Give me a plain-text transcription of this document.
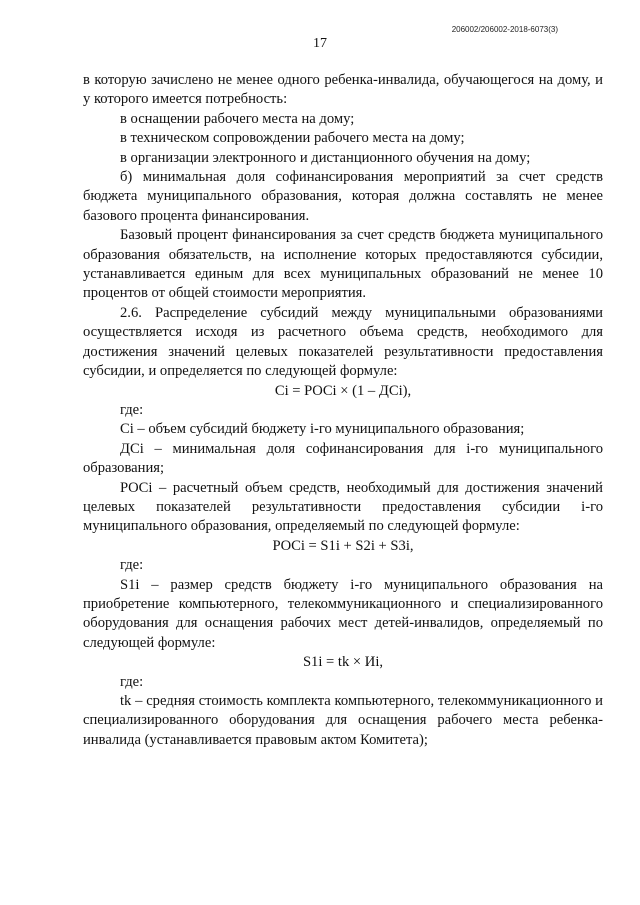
206002/206002-2018-6073(3)
17

в которую зачислено не менее одного ребенка-инвалида, обучающегося на дому, и у которого имеется потребность:

в оснащении рабочего места на дому;

в техническом сопровождении рабочего места на дому;

в организации электронного и дистанционного обучения на дому;

б) минимальная доля софинансирования мероприятий за счет средств бюджета муниципального образования, которая должна составлять не менее базового процента финансирования.

Базовый процент финансирования за счет средств бюджета муниципального образования обязательств, на исполнение которых предоставляются субсидии, устанавливается единым для всех муниципальных образований не менее 10 процентов от общей стоимости мероприятия.

2.6. Распределение субсидий между муниципальными образованиями осуществляется исходя из расчетного объема средств, необходимого для достижения значений целевых показателей результативности предоставления субсидии, и определяется по следующей формуле:

Ci = POCi × (1 – ДCi),

где:

Ci – объем субсидий бюджету i-го муниципального образования;

ДСi – минимальная доля софинансирования для i-го муниципального образования;

POCi – расчетный объем средств, необходимый для достижения значений целевых показателей результативности предоставления субсидии i-го муниципального образования, определяемый по следующей формуле:

POCi = S1i + S2i + S3i,

где:

S1i – размер средств бюджету i-го муниципального образования на приобретение компьютерного, телекоммуникационного и специализированного оборудования для оснащения рабочих мест детей-инвалидов, определяемый по следующей формуле:

S1i = tk × Иi,

где:

tk – средняя стоимость комплекта компьютерного, телекоммуникационного и специализированного оборудования для оснащения рабочего места ребенка-инвалида (устанавливается правовым актом Комитета);
